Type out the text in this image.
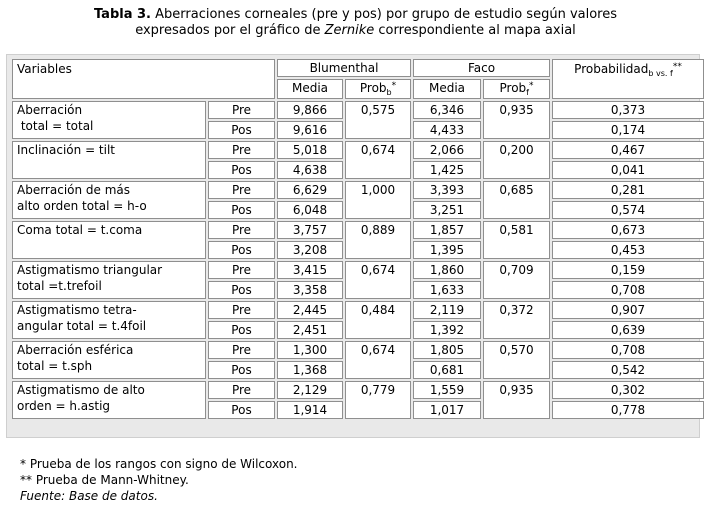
Tabla 3. Aberraciones corneales (pre y pos) por grupo de estudio según valores
expresados por el gráfico de Zernike correspondiente al mapa axial
Variables		Blumenthal		Faco		Probabilidad$_{b vs. f}$**
		Media	Prob$_b$*	Media	Prob$_f$*

Aberración
total = total	Pre	9,866	0,575	6,346	0,935	0,373
	Pos	9,616		4,433		0,174

Inclinación = tilt	Pre	5,018	0,674	2,066	0,200	0,467
	Pos	4,638		1,425		0,041

Aberración de más
alto orden total = h-o	Pre	6,629	1,000	3,393	0,685	0,281
	Pos	6,048		3,251		0,574

Coma total = t.coma	Pre	3,757	0,889	1,857	0,581	0,673
	Pos	3,208		1,395		0,453

Astigmatismo triangular
total =t.trefoil	Pre	3,415	0,674	1,860	0,709	0,159
	Pos	3,358		1,633		0,708

Astigmatismo tetra-
angular total = t.4foil	Pre	2,445	0,484	2,119	0,372	0,907
	Pos	2,451		1,392		0,639

Aberración esférica
total = t.sph	Pre	1,300	0,674	1,805	0,570	0,708
	Pos	1,368		0,681		0,542

Astigmatismo de alto
orden = h.astig	Pre	2,129	0,779	1,559	0,935	0,302
	Pos	1,914		1,017		0,778
* Prueba de los rangos con signo de Wilcoxon.
** Prueba de Mann-Whitney.
Fuente: Base de datos.
